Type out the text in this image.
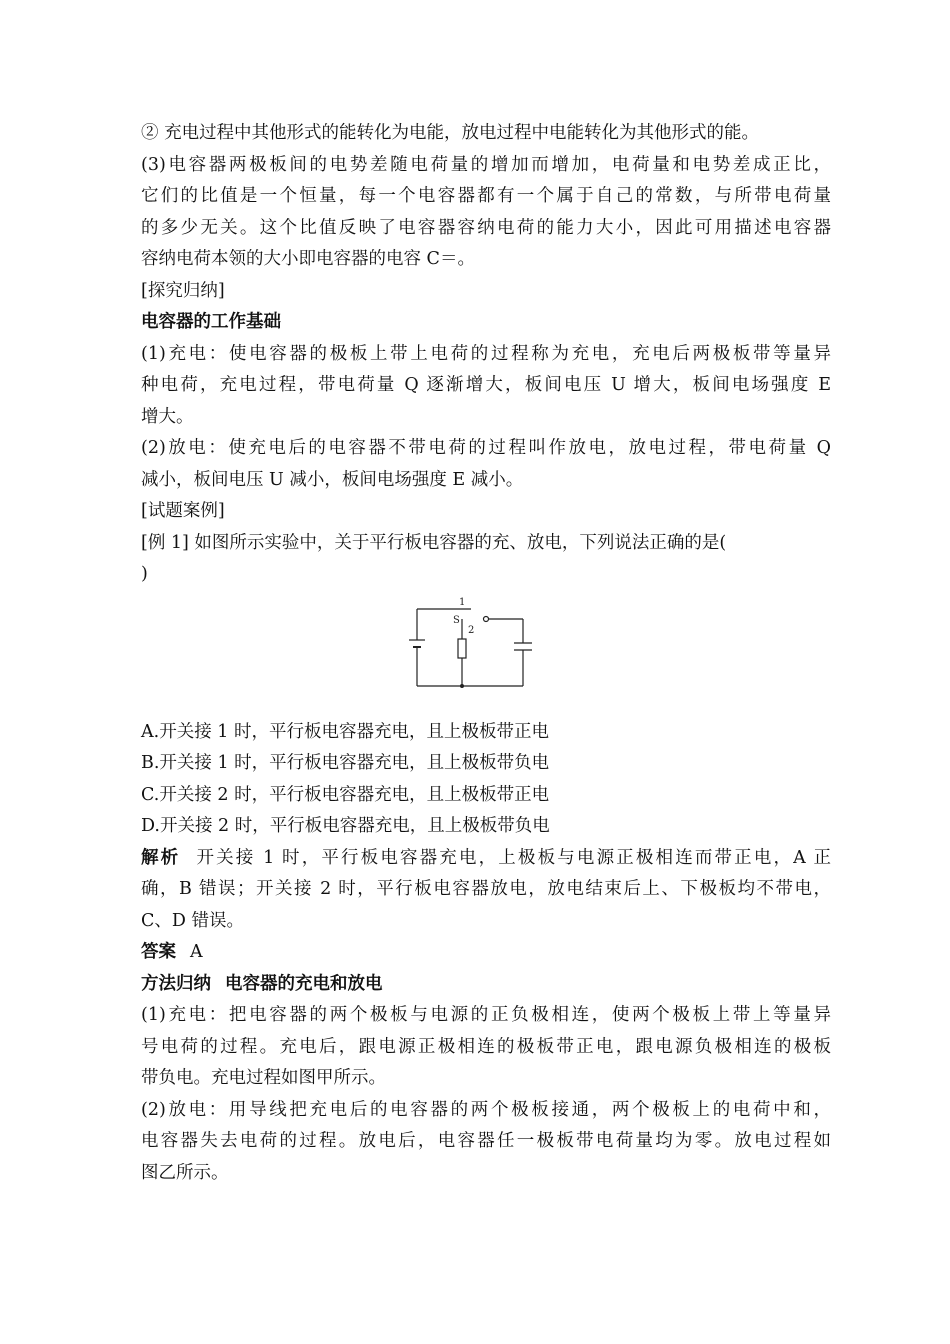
② 充电过程中其他形式的能转化为电能，放电过程中电能转化为其他形式的能。
(3)电容器两极板间的电势差随电荷量的增加而增加，电荷量和电势差成正比，
它们的比值是一个恒量，每一个电容器都有一个属于自己的常数，与所带电荷量
的多少无关。这个比值反映了电容器容纳电荷的能力大小，因此可用描述电容器
容纳电荷本领的大小即电容器的电容 C＝。
[探究归纳]
电容器的工作基础
(1)充电：使电容器的极板上带上电荷的过程称为充电，充电后两极板带等量异
种电荷，充电过程，带电荷量 Q 逐渐增大，板间电压 U 增大，板间电场强度 E
增大。
(2)放电：使充电后的电容器不带电荷的过程叫作放电，放电过程，带电荷量 Q
减小，板间电压 U 减小，板间电场强度 E 减小。
[试题案例]
[例 1] 如图所示实验中，关于平行板电容器的充、放电，下列说法正确的是(
)
1
S
2
A.开关接 1 时，平行板电容器充电，且上极板带正电
B.开关接 1 时，平行板电容器充电，且上极板带负电
C.开关接 2 时，平行板电容器充电，且上极板带正电
D.开关接 2 时，平行板电容器充电，且上极板带负电
解析 开关接 1 时，平行板电容器充电，上极板与电源正极相连而带正电，A 正
确，B 错误；开关接 2 时，平行板电容器放电，放电结束后上、下极板均不带电，
C、D 错误。
答案 A
方法归纳 电容器的充电和放电
(1)充电：把电容器的两个极板与电源的正负极相连，使两个极板上带上等量异
号电荷的过程。充电后，跟电源正极相连的极板带正电，跟电源负极相连的极板
带负电。充电过程如图甲所示。
(2)放电：用导线把充电后的电容器的两个极板接通，两个极板上的电荷中和，
电容器失去电荷的过程。放电后，电容器任一极板带电荷量均为零。放电过程如
图乙所示。
